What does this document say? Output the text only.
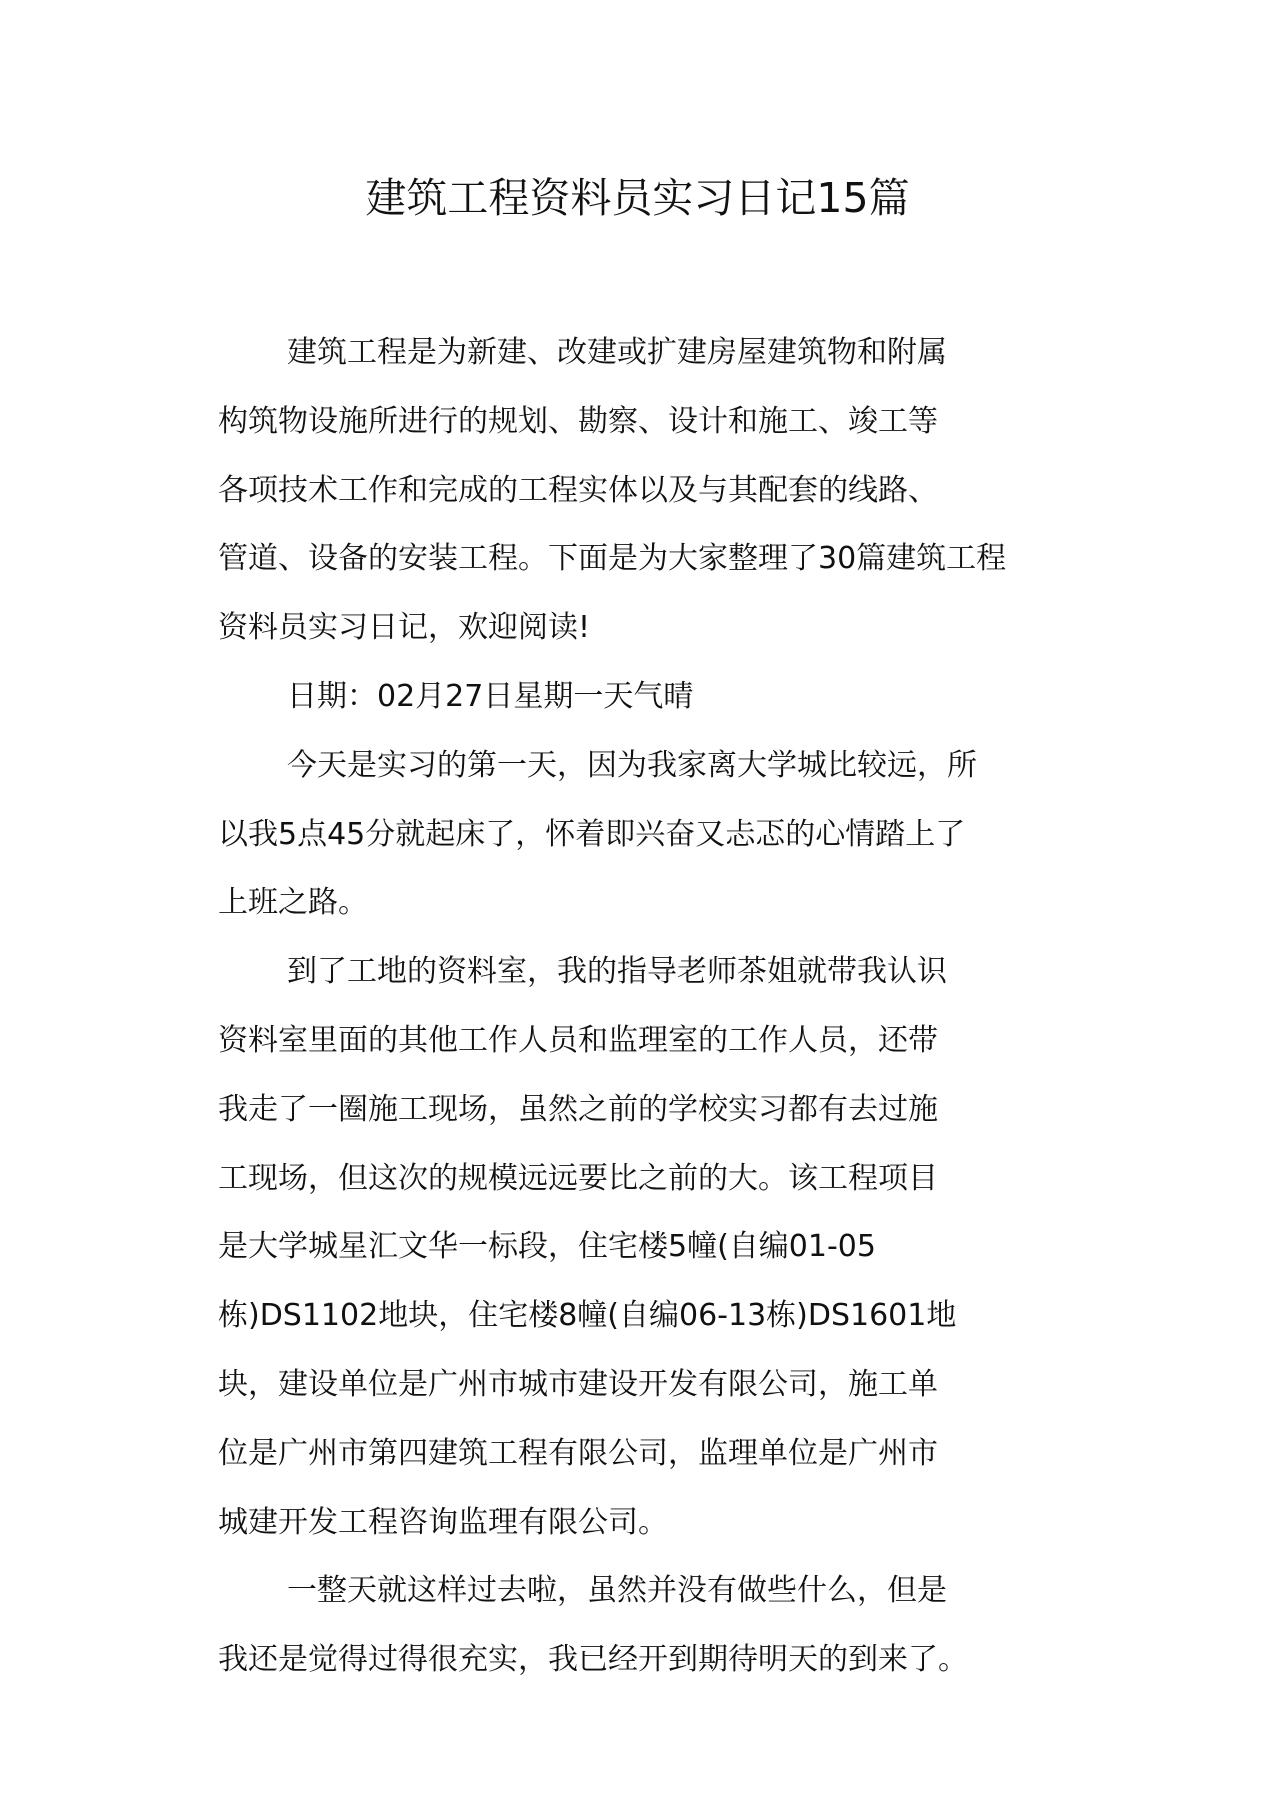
建筑工程资料员实习日记15篇
建筑工程是为新建、改建或扩建房屋建筑物和附属
构筑物设施所进行的规划、勘察、设计和施工、竣工等
各项技术工作和完成的工程实体以及与其配套的线路、
管道、设备的安装工程。下面是为大家整理了30篇建筑工程
资料员实习日记，欢迎阅读!
日期：02月27日星期一天气晴
今天是实习的第一天，因为我家离大学城比较远，所
以我5点45分就起床了，怀着即兴奋又忐忑的心情踏上了
上班之路。
到了工地的资料室，我的指导老师茶姐就带我认识
资料室里面的其他工作人员和监理室的工作人员，还带
我走了一圈施工现场，虽然之前的学校实习都有去过施
工现场，但这次的规模远远要比之前的大。该工程项目
是大学城星汇文华一标段，住宅楼5幢(自编01-05
栋)DS1102地块，住宅楼8幢(自编06-13栋)DS1601地
块，建设单位是广州市城市建设开发有限公司，施工单
位是广州市第四建筑工程有限公司，监理单位是广州市
城建开发工程咨询监理有限公司。
一整天就这样过去啦，虽然并没有做些什么，但是
我还是觉得过得很充实，我已经开到期待明天的到来了。
